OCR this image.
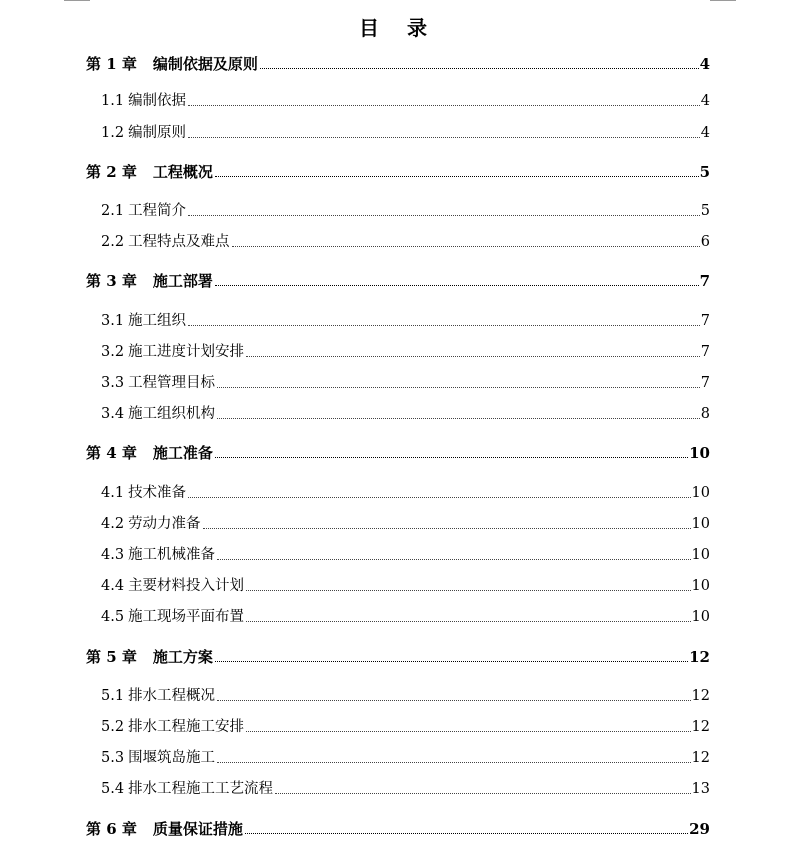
目 录
第 1 章 编制依据及原则	4
1.1 编制依据	4
1.2 编制原则	4
第 2 章 工程概况	5
2.1 工程简介	5
2.2 工程特点及难点	6
第 3 章 施工部署	7
3.1 施工组织	7
3.2 施工进度计划安排	7
3.3 工程管理目标	7
3.4 施工组织机构	8
第 4 章 施工准备	10
4.1 技术准备	10
4.2 劳动力准备	10
4.3 施工机械准备	10
4.4 主要材料投入计划	10
4.5 施工现场平面布置	10
第 5 章 施工方案	12
5.1 排水工程概况	12
5.2 排水工程施工安排	12
5.3 围堰筑岛施工	12
5.4 排水工程施工工艺流程	13
第 6 章 质量保证措施	29
